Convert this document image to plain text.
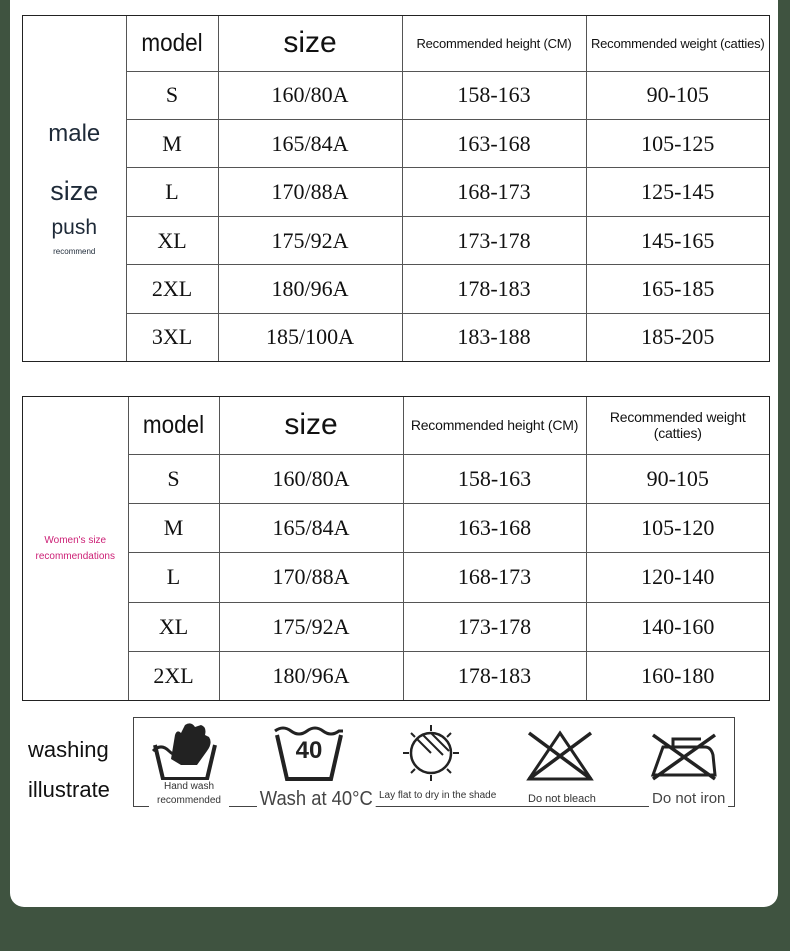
male
size
push
recommend	model	size	Recommended height (CM)	Recommended weight (catties)
	S	160/80A	158-163	90-105
	M	165/84A	163-168	105-125
	L	170/88A	168-173	125-145
	XL	175/92A	173-178	145-165
	2XL	180/96A	178-183	165-185
	3XL	185/100A	183-188	185-205
Women's size
recommendations	model	size	Recommended height (CM)	Recommended weight (catties)
	S	160/80A	158-163	90-105
	M	165/84A	163-168	105-120
	L	170/88A	168-173	120-140
	XL	175/92A	173-178	140-160
	2XL	180/96A	178-183	160-180
washing
illustrate	Hand wash
recommended
40
Wash at 40°C Lay flat to dry in the shade	Do not bleach	Do not iron
